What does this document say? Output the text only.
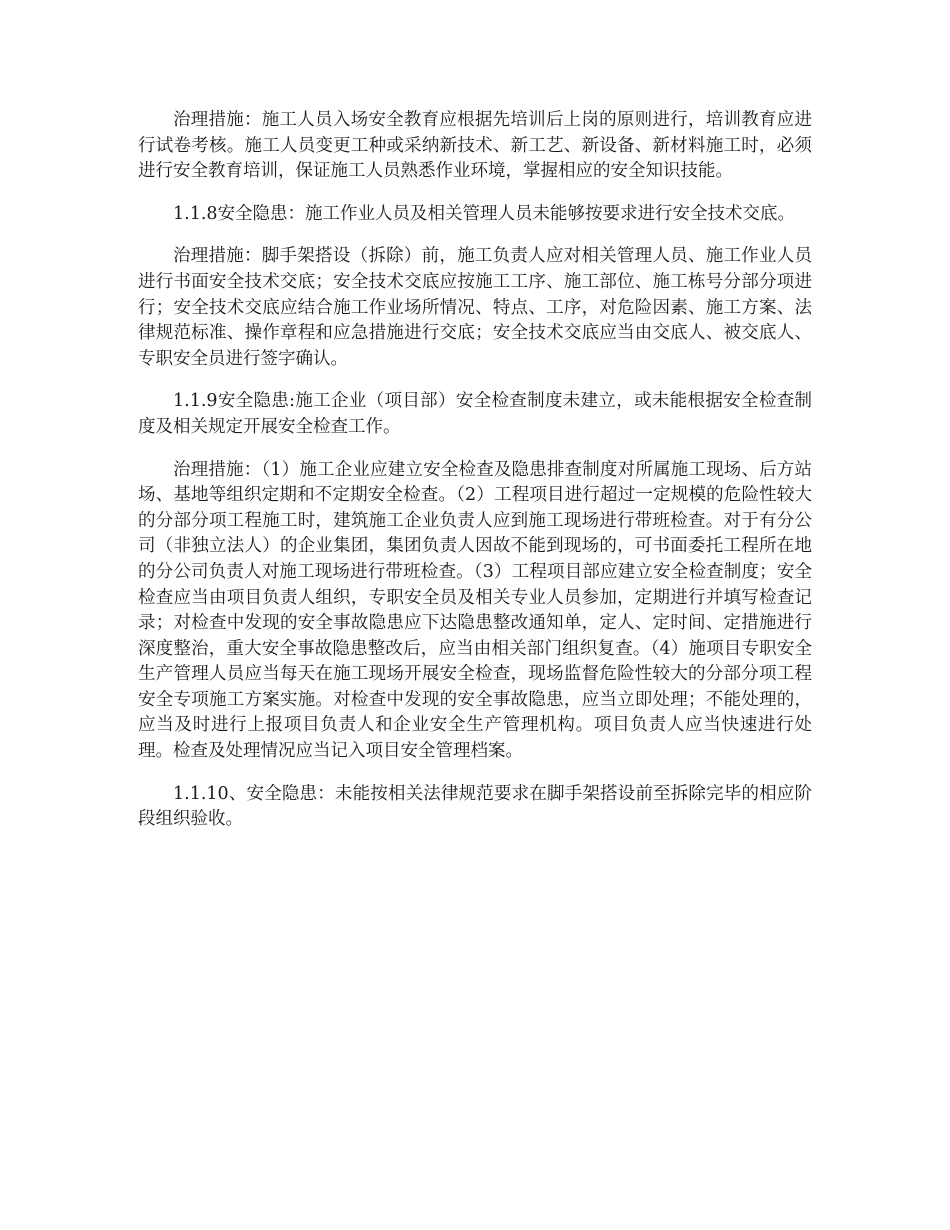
治理措施：施工人员入场安全教育应根据先培训后上岗的原则进行，培训教育应进行试卷考核。施工人员变更工种或采纳新技术、新工艺、新设备、新材料施工时，必须进行安全教育培训，保证施工人员熟悉作业环境，掌握相应的安全知识技能。

1.1.8安全隐患：施工作业人员及相关管理人员未能够按要求进行安全技术交底。

治理措施：脚手架搭设（拆除）前，施工负责人应对相关管理人员、施工作业人员进行书面安全技术交底；安全技术交底应按施工工序、施工部位、施工栋号分部分项进行；安全技术交底应结合施工作业场所情况、特点、工序，对危险因素、施工方案、法律规范标准、操作章程和应急措施进行交底；安全技术交底应当由交底人、被交底人、专职安全员进行签字确认。

1.1.9安全隐患:施工企业（项目部）安全检查制度未建立，或未能根据安全检查制度及相关规定开展安全检查工作。

治理措施：（1）施工企业应建立安全检查及隐患排查制度对所属施工现场、后方站场、基地等组织定期和不定期安全检查。（2）工程项目进行超过一定规模的危险性较大的分部分项工程施工时，建筑施工企业负责人应到施工现场进行带班检查。对于有分公司（非独立法人）的企业集团，集团负责人因故不能到现场的，可书面委托工程所在地的分公司负责人对施工现场进行带班检查。（3）工程项目部应建立安全检查制度；安全检查应当由项目负责人组织，专职安全员及相关专业人员参加，定期进行并填写检查记录；对检查中发现的安全事故隐患应下达隐患整改通知单，定人、定时间、定措施进行深度整治，重大安全事故隐患整改后，应当由相关部门组织复查。（4）施项目专职安全生产管理人员应当每天在施工现场开展安全检查，现场监督危险性较大的分部分项工程安全专项施工方案实施。对检查中发现的安全事故隐患，应当立即处理；不能处理的，应当及时进行上报项目负责人和企业安全生产管理机构。项目负责人应当快速进行处理。检查及处理情况应当记入项目安全管理档案。

1.1.10、安全隐患：未能按相关法律规范要求在脚手架搭设前至拆除完毕的相应阶段组织验收。
